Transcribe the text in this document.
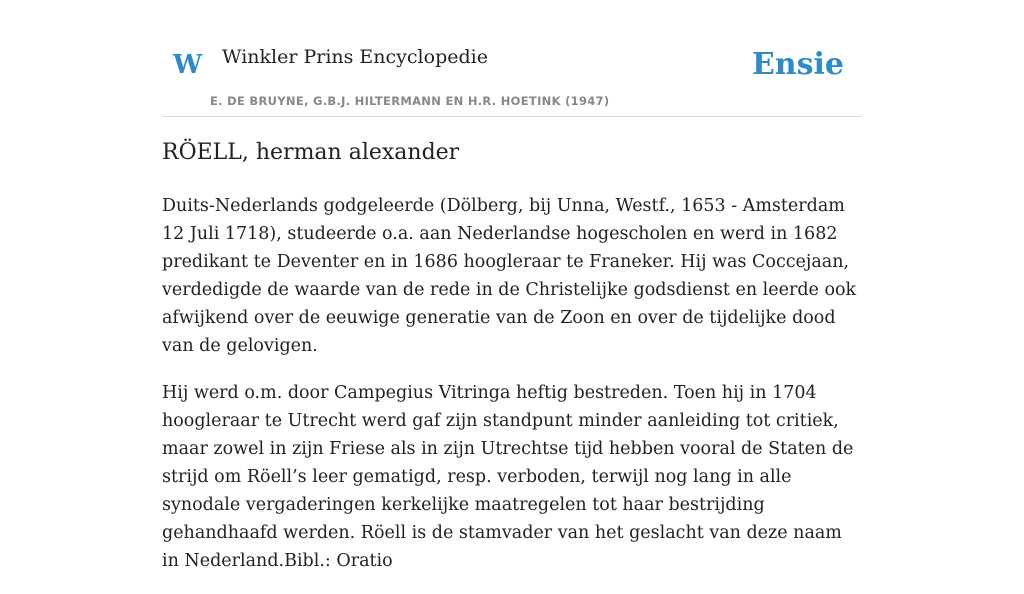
W Winkler Prins Encyclopedie
E. DE BRUYNE, G.B.J. HILTERMANN EN H.R. HOETINK (1947)
Ensie
RÖELL, herman alexander

Duits-Nederlands godgeleerde (Dölberg, bij Unna, Westf., 1653 - Amsterdam 12 Juli 1718), studeerde o.a. aan Nederlandse hogescholen en werd in 1682 predikant te Deventer en in 1686 hoogleraar te Franeker. Hij was Coccejaan, verdedigde de waarde van de rede in de Christelijke godsdienst en leerde ook afwijkend over de eeuwige generatie van de Zoon en over de tijdelijke dood van de gelovigen.

Hij werd o.m. door Campegius Vitringa heftig bestreden. Toen hij in 1704 hoogleraar te Utrecht werd gaf zijn standpunt minder aanleiding tot critiek, maar zowel in zijn Friese als in zijn Utrechtse tijd hebben vooral de Staten de strijd om Röell’s leer gematigd, resp. verboden, terwijl nog lang in alle synodale vergaderingen kerkelijke maatregelen tot haar bestrijding gehandhaafd werden. Röell is de stamvader van het geslacht van deze naam in Nederland.Bibl.: Oratio
